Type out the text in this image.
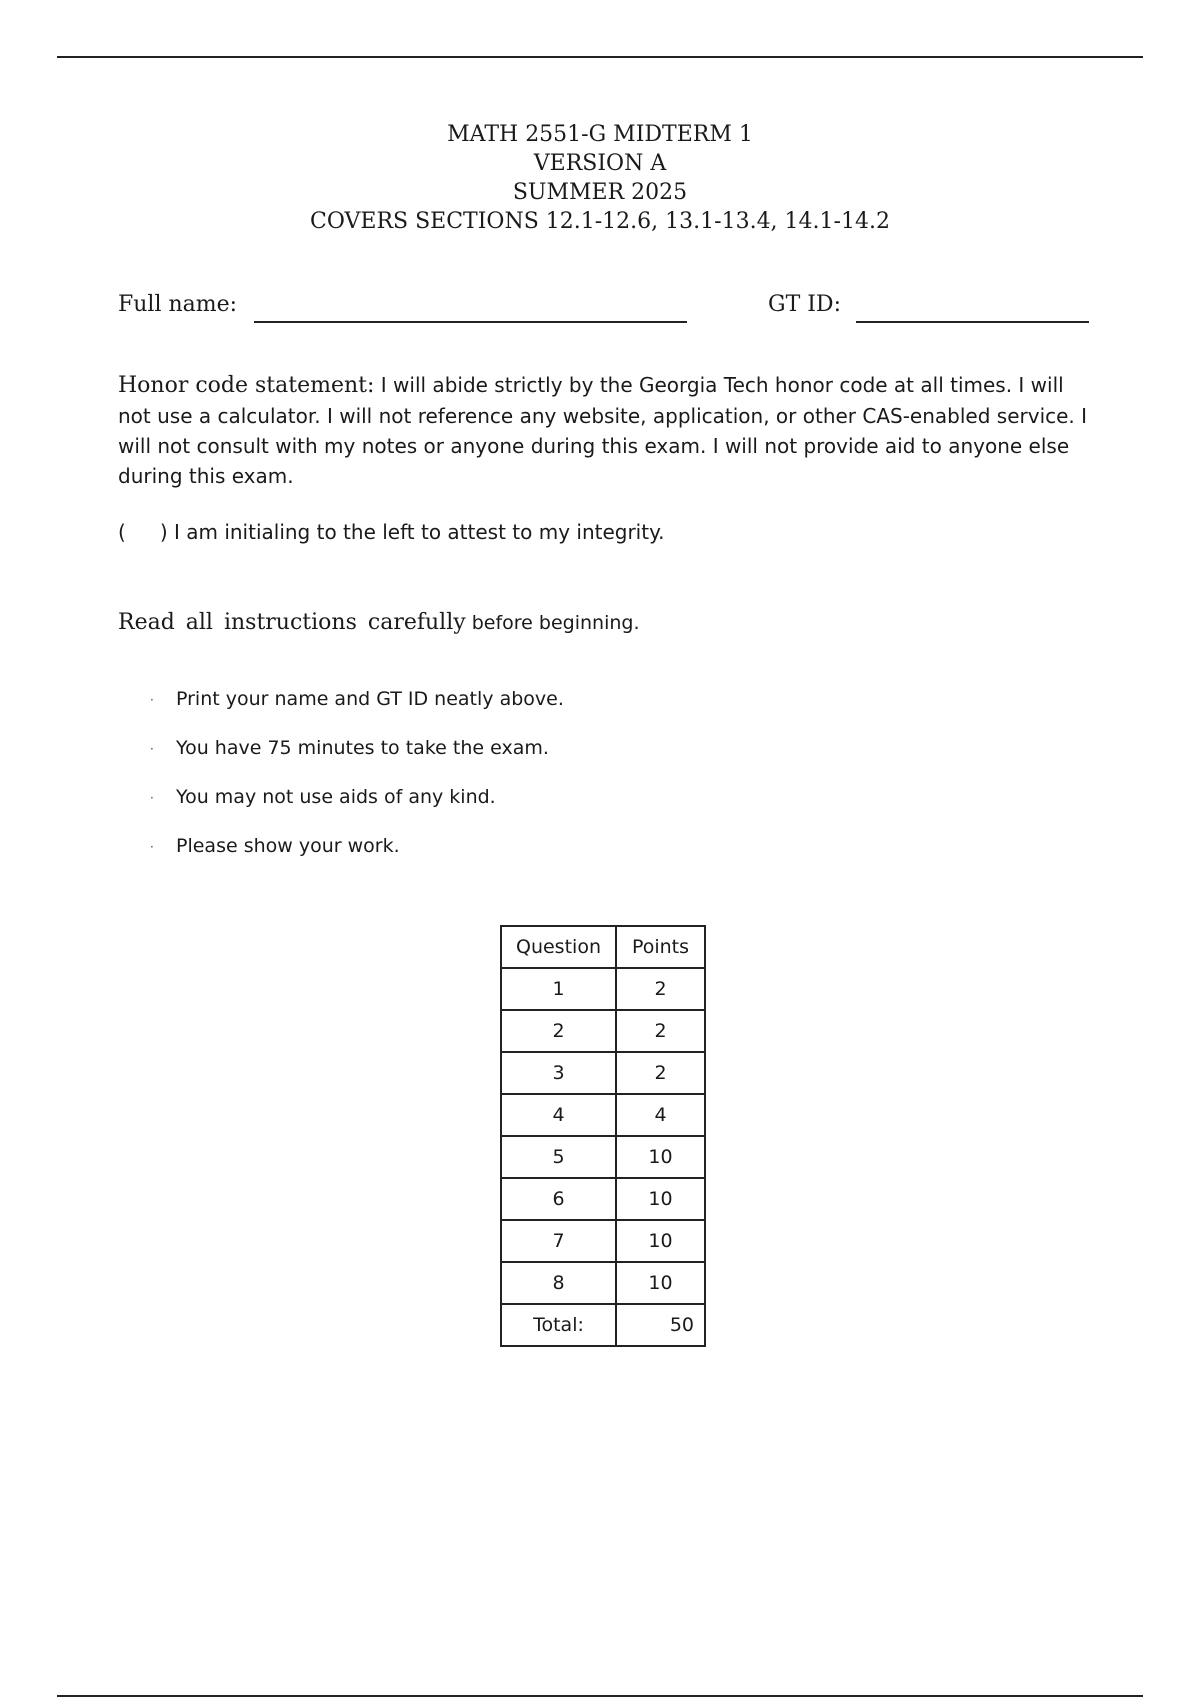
MATH 2551-G MIDTERM 1
VERSION A
SUMMER 2025
COVERS SECTIONS 12.1-12.6, 13.1-13.4, 14.1-14.2
Full name:	GT ID:
Honor code statement: I will abide strictly by the Georgia Tech honor code at all times. I will not use a calculator. I will not reference any website, application, or other CAS-enabled service. I will not consult with my notes or anyone during this exam. I will not provide aid to anyone else during this exam.
( ) I am initialing to the left to attest to my integrity.
Read all instructions carefully before beginning.
·	Print your name and GT ID neatly above.
·	You have 75 minutes to take the exam.
·	You may not use aids of any kind.
·	Please show your work.
Question	Points
1	2
2	2
3	2
4	4
5	10
6	10
7	10
8	10
Total:	50
